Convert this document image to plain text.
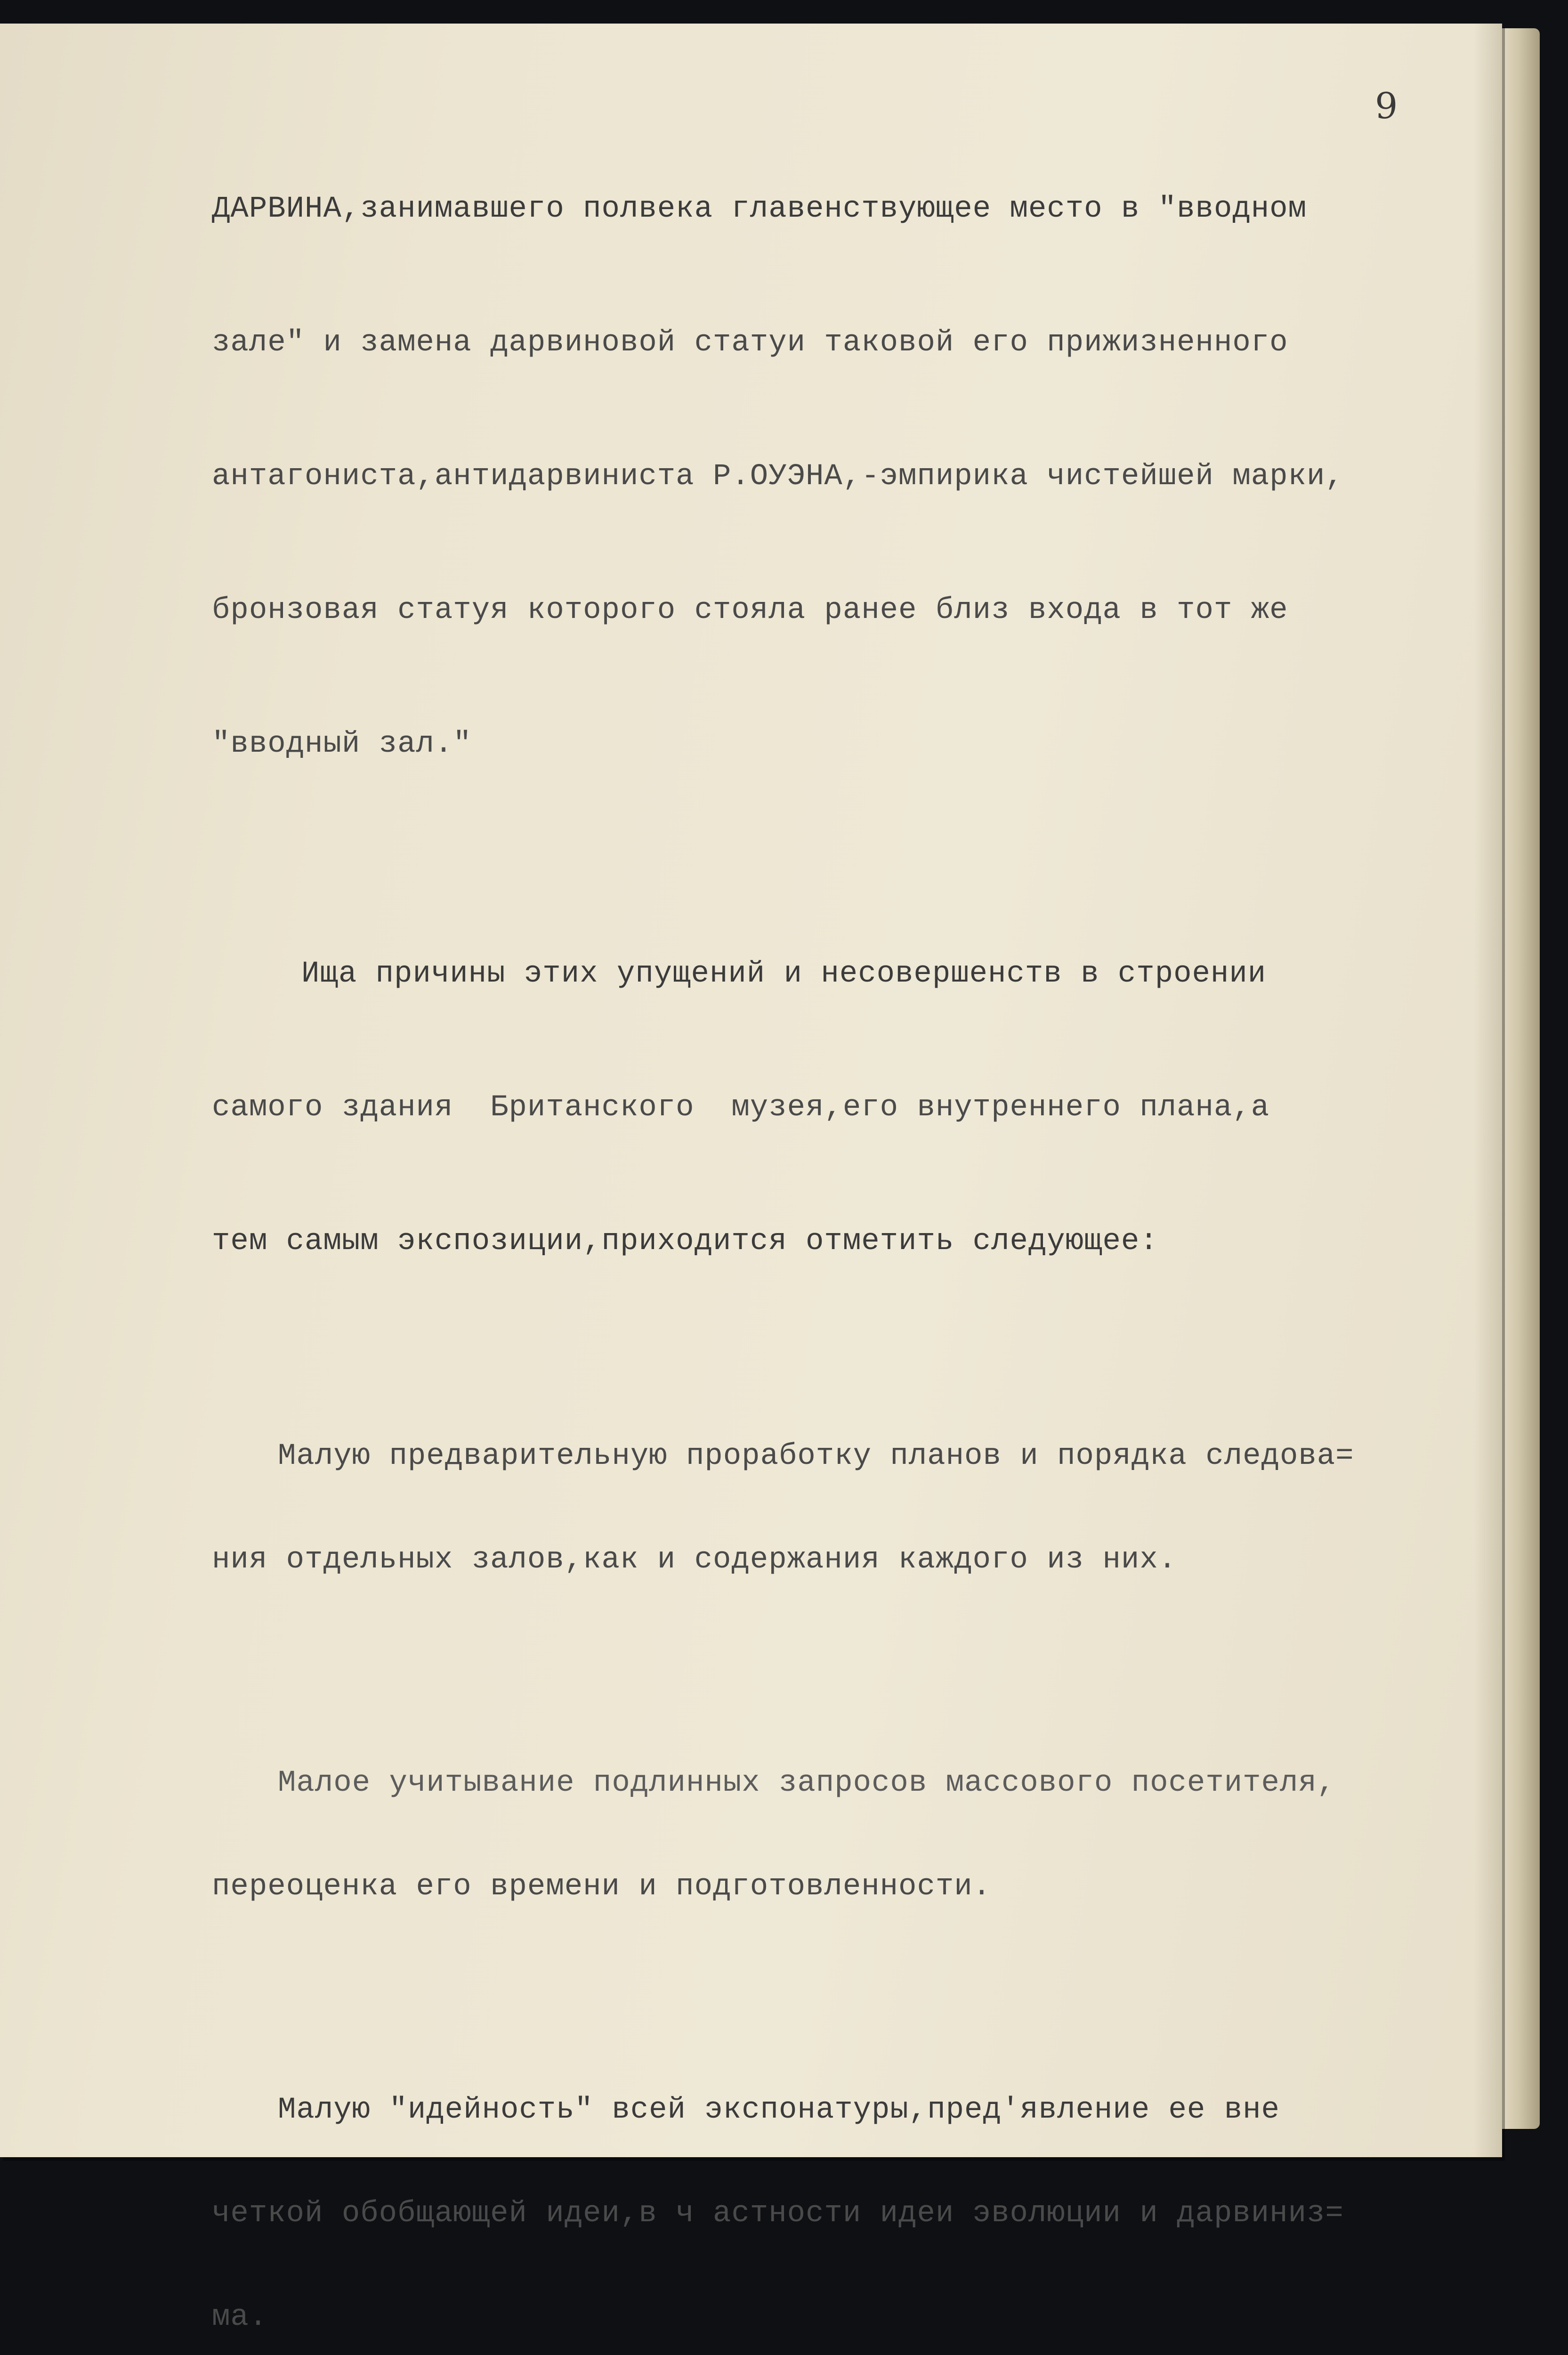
9

ДАРВИНА,занимавшего полвека главенствующее место в "вводном

зале" и замена дарвиновой статуи таковой его прижизненного

антагониста,антидарвиниста Р.ОУЭНА,-эмпирика чистейшей марки,

бронзовая статуя которого стояла ранее близ входа в тот же

"вводный зал."

Ища причины этих упущений и несовершенств в строении

самого здания  Британского  музея,его внутреннего плана,а

тем самым экспозиции,приходится отметить следующее:

Малую предварительную проработку планов и порядка следова=

ния отдельных залов,как и содержания каждого из них.

Малое учитывание подлинных запросов массового посетителя,

переоценка его времени и подготовленности.

Малую "идейность" всей экспонатуры,пред'явление ее вне

четкой обобщающей идеи,в ч астности идеи эволюции и дарвиниз=

ма.
